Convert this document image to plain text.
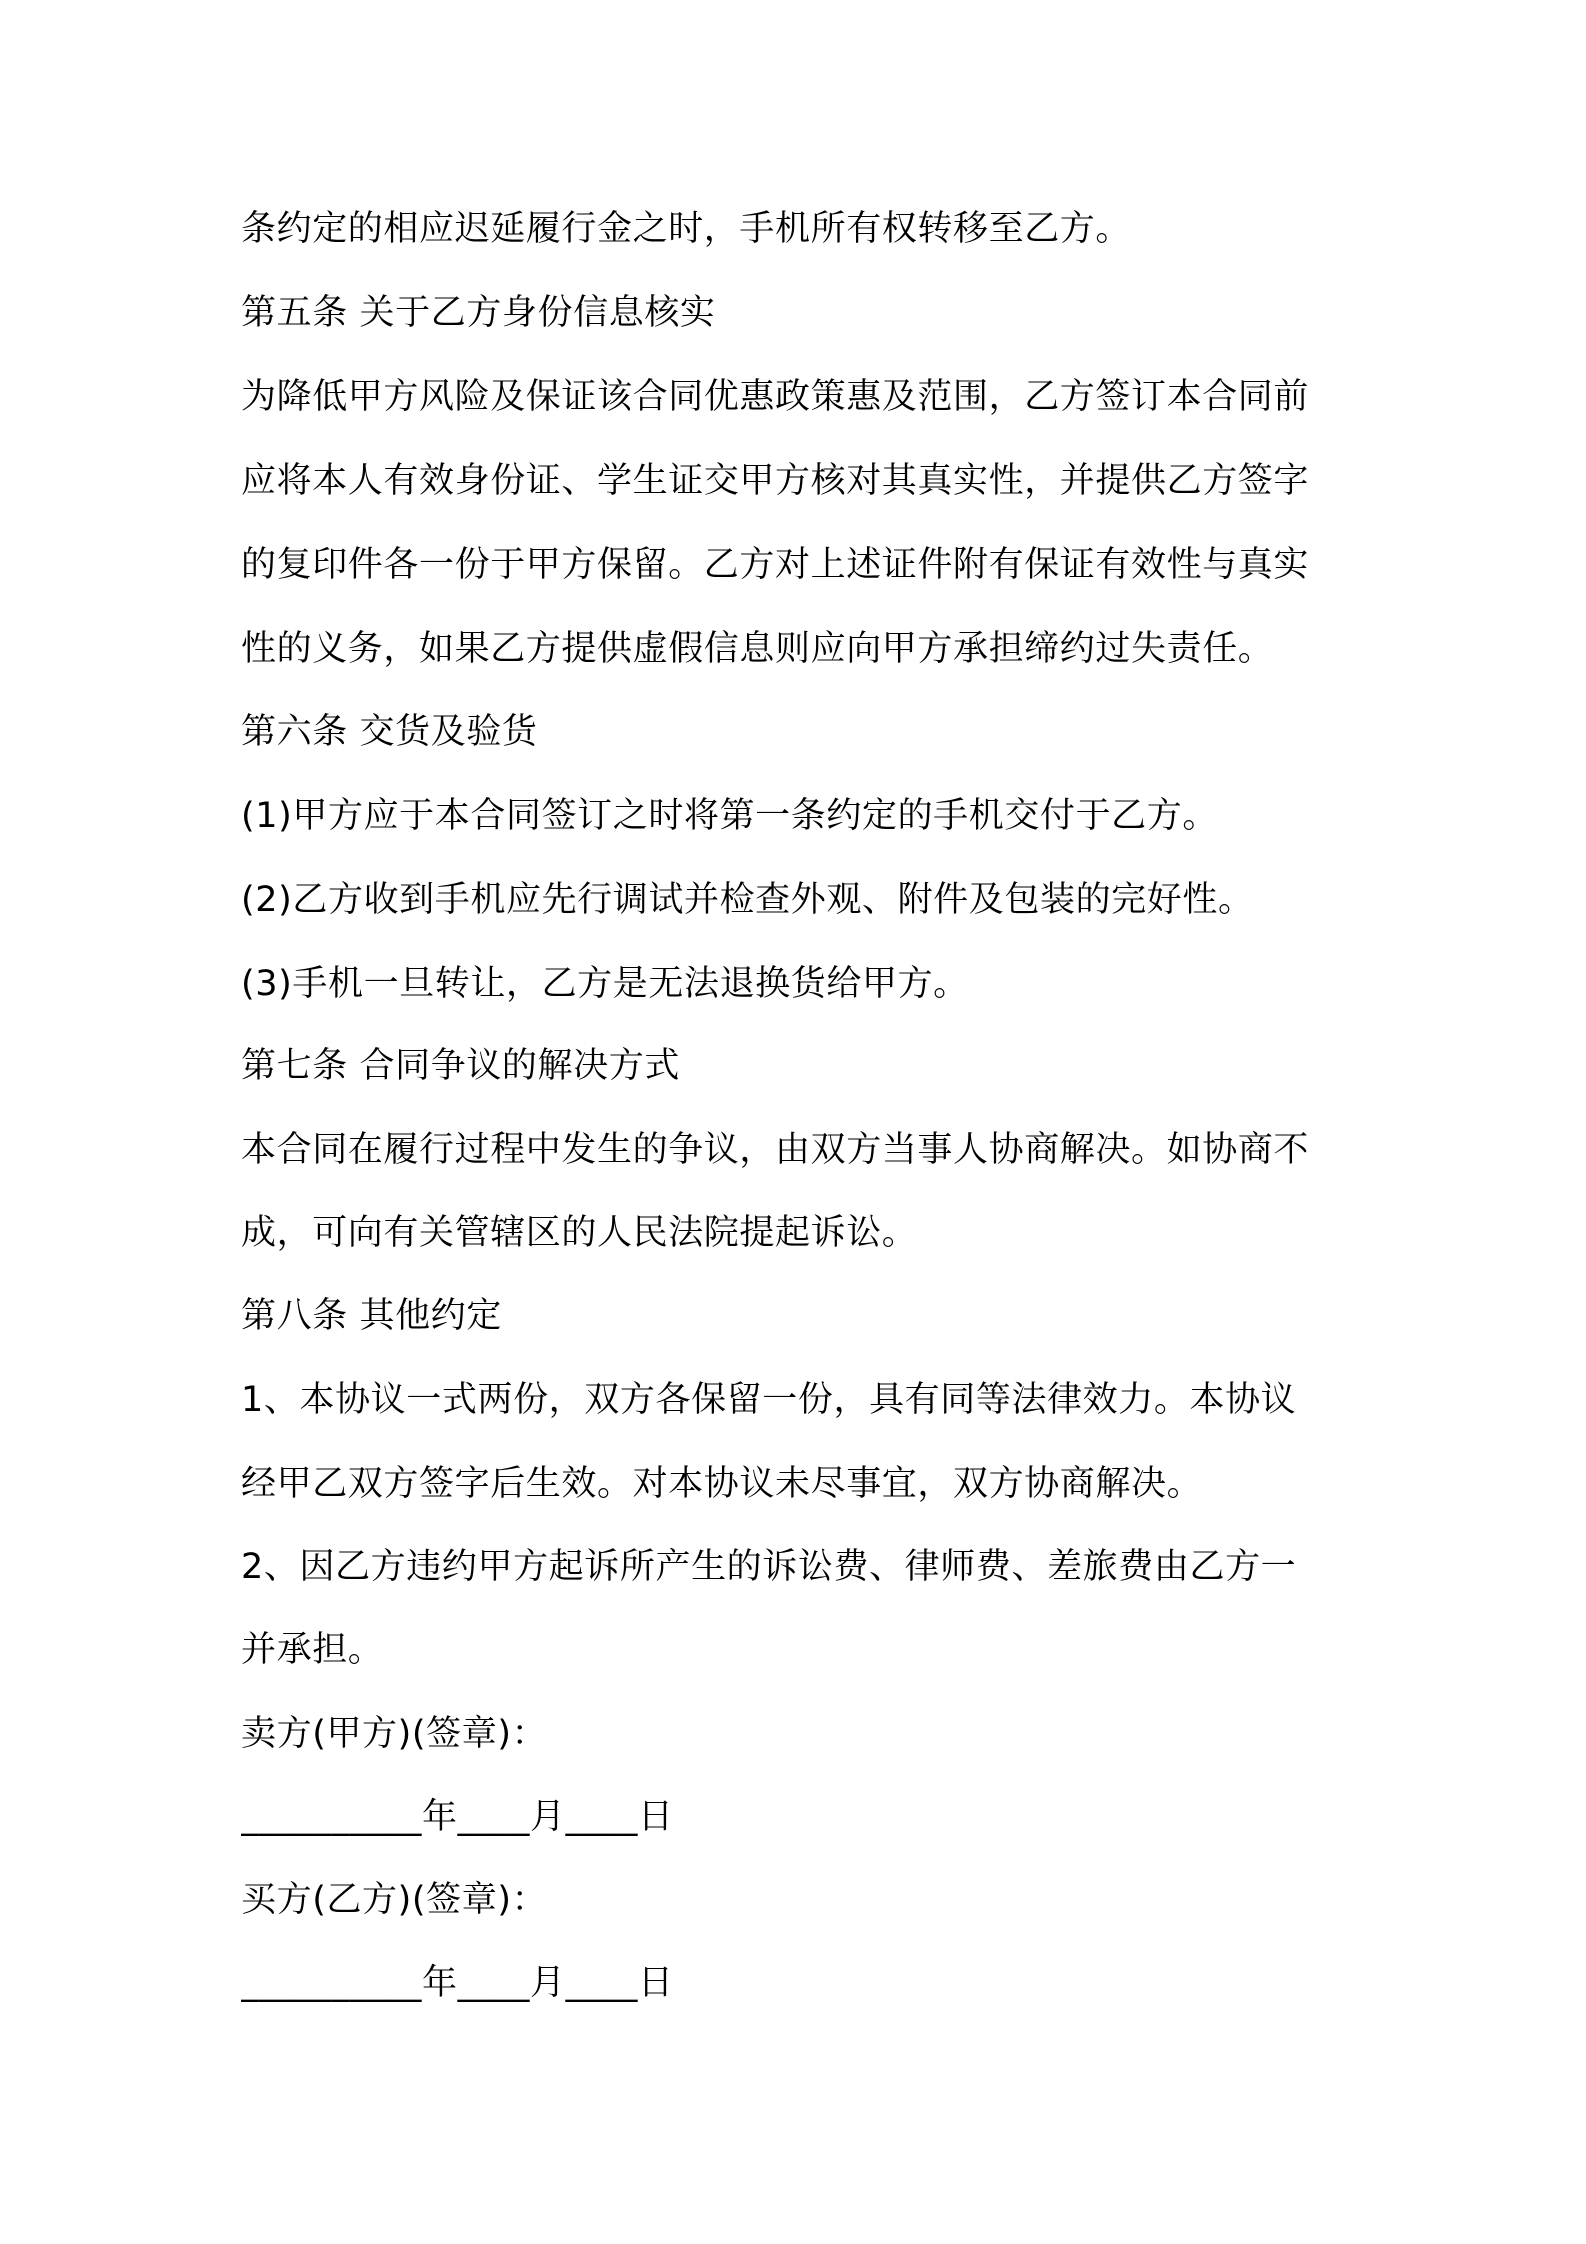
条约定的相应迟延履行金之时，手机所有权转移至乙方。
第五条 关于乙方身份信息核实
为降低甲方风险及保证该合同优惠政策惠及范围，乙方签订本合同前
应将本人有效身份证、学生证交甲方核对其真实性，并提供乙方签字
的复印件各一份于甲方保留。乙方对上述证件附有保证有效性与真实
性的义务，如果乙方提供虚假信息则应向甲方承担缔约过失责任。
第六条 交货及验货
(1)甲方应于本合同签订之时将第一条约定的手机交付于乙方。
(2)乙方收到手机应先行调试并检查外观、附件及包装的完好性。
(3)手机一旦转让，乙方是无法退换货给甲方。
第七条 合同争议的解决方式
本合同在履行过程中发生的争议，由双方当事人协商解决。如协商不
成，可向有关管辖区的人民法院提起诉讼。
第八条 其他约定
1、本协议一式两份，双方各保留一份，具有同等法律效力。本协议
经甲乙双方签字后生效。对本协议未尽事宜，双方协商解决。
2、因乙方违约甲方起诉所产生的诉讼费、律师费、差旅费由乙方一
并承担。
卖方(甲方)(签章)：
__________年____月____日
买方(乙方)(签章)：
__________年____月____日
